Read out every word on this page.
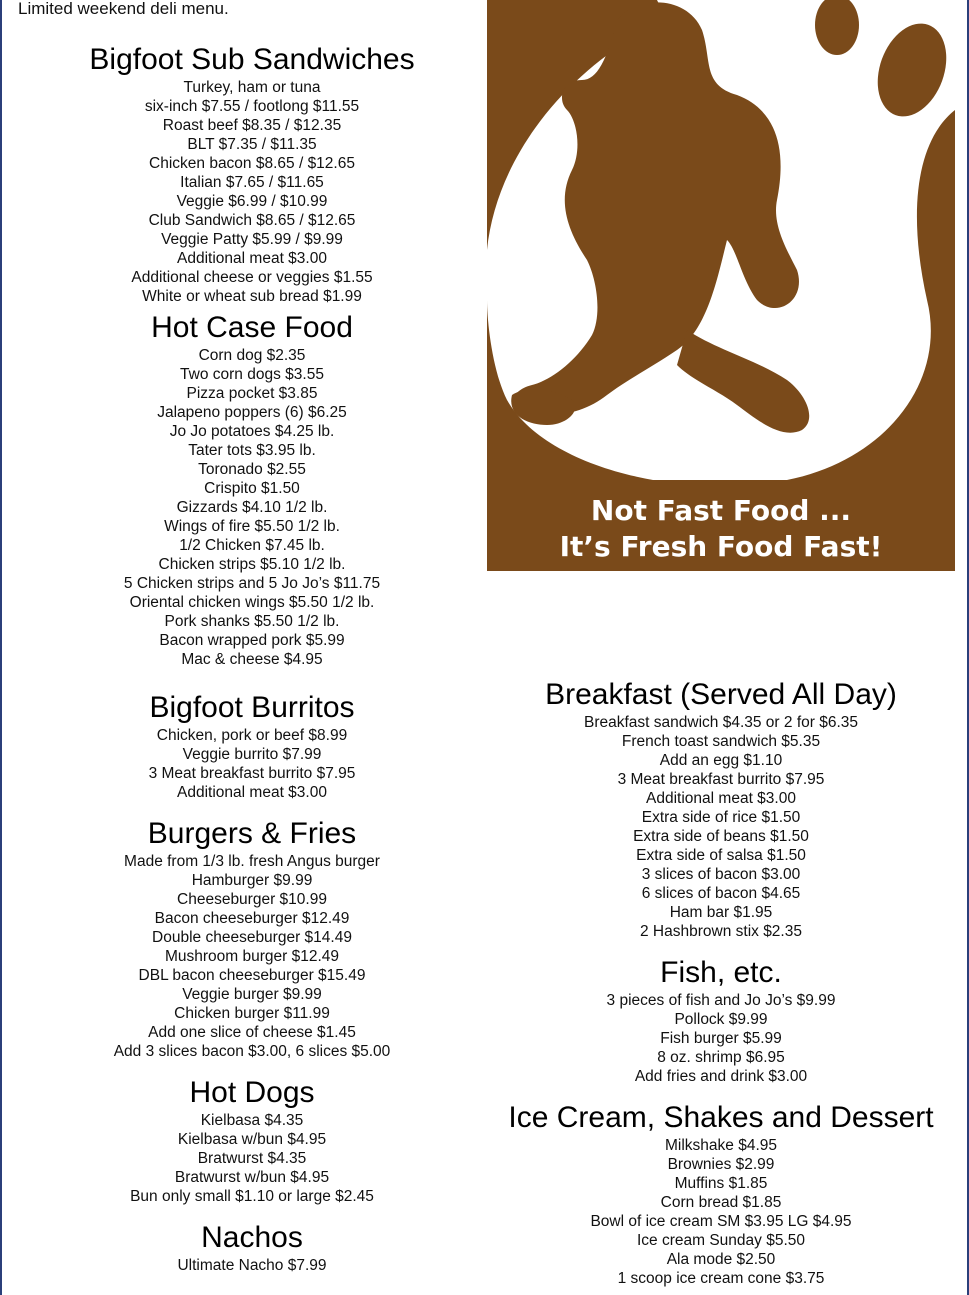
Limited weekend deli menu.

Bigfoot Sub Sandwiches

Turkey, ham or tuna

six-inch $7.55 / footlong $11.55

Roast beef $8.35 / $12.35

BLT $7.35 / $11.35

Chicken bacon $8.65 / $12.65

Italian $7.65 / $11.65

Veggie $6.99 / $10.99

Club Sandwich $8.65 / $12.65

Veggie Patty $5.99 / $9.99

Additional meat $3.00

Additional cheese or veggies $1.55

White or wheat sub bread $1.99

Hot Case Food

Corn dog $2.35

Two corn dogs $3.55

Pizza pocket $3.85

Jalapeno poppers (6) $6.25

Jo Jo potatoes $4.25 lb.

Tater tots $3.95 lb.

Toronado $2.55

Crispito $1.50

Gizzards $4.10 1/2 lb.

Wings of fire $5.50 1/2 lb.

1/2 Chicken $7.45 lb.

Chicken strips $5.10 1/2 lb.

5 Chicken strips and 5 Jo Jo’s $11.75

Oriental chicken wings $5.50 1/2 lb.

Pork shanks $5.50 1/2 lb.

Bacon wrapped pork $5.99

Mac & cheese $4.95

Bigfoot Burritos

Chicken, pork or beef $8.99

Veggie burrito $7.99

3 Meat breakfast burrito $7.95

Additional meat $3.00

Burgers & Fries

Made from 1/3 lb. fresh Angus burger

Hamburger $9.99

Cheeseburger $10.99

Bacon cheeseburger $12.49

Double cheeseburger $14.49

Mushroom burger $12.49

DBL bacon cheeseburger $15.49

Veggie burger $9.99

Chicken burger $11.99

Add one slice of cheese $1.45

Add 3 slices bacon $3.00, 6 slices $5.00

Hot Dogs

Kielbasa $4.35

Kielbasa w/bun $4.95

Bratwurst $4.35

Bratwurst w/bun $4.95

Bun only small $1.10 or large $2.45

Nachos

Ultimate Nacho $7.99

Not Fast Food ...
It’s Fresh Food Fast!
Breakfast (Served All Day)

Breakfast sandwich $4.35 or 2 for $6.35

French toast sandwich $5.35

Add an egg $1.10

3 Meat breakfast burrito $7.95

Additional meat $3.00

Extra side of rice $1.50

Extra side of beans $1.50

Extra side of salsa $1.50

3 slices of bacon $3.00

6 slices of bacon $4.65

Ham bar $1.95

2 Hashbrown stix $2.35

Fish, etc.

3 pieces of fish and Jo Jo’s $9.99

Pollock $9.99

Fish burger $5.99

8 oz. shrimp $6.95

Add fries and drink $3.00

Ice Cream, Shakes and Dessert

Milkshake $4.95

Brownies $2.99

Muffins $1.85

Corn bread $1.85

Bowl of ice cream SM $3.95 LG $4.95

Ice cream Sunday $5.50

Ala mode $2.50

1 scoop ice cream cone $3.75
